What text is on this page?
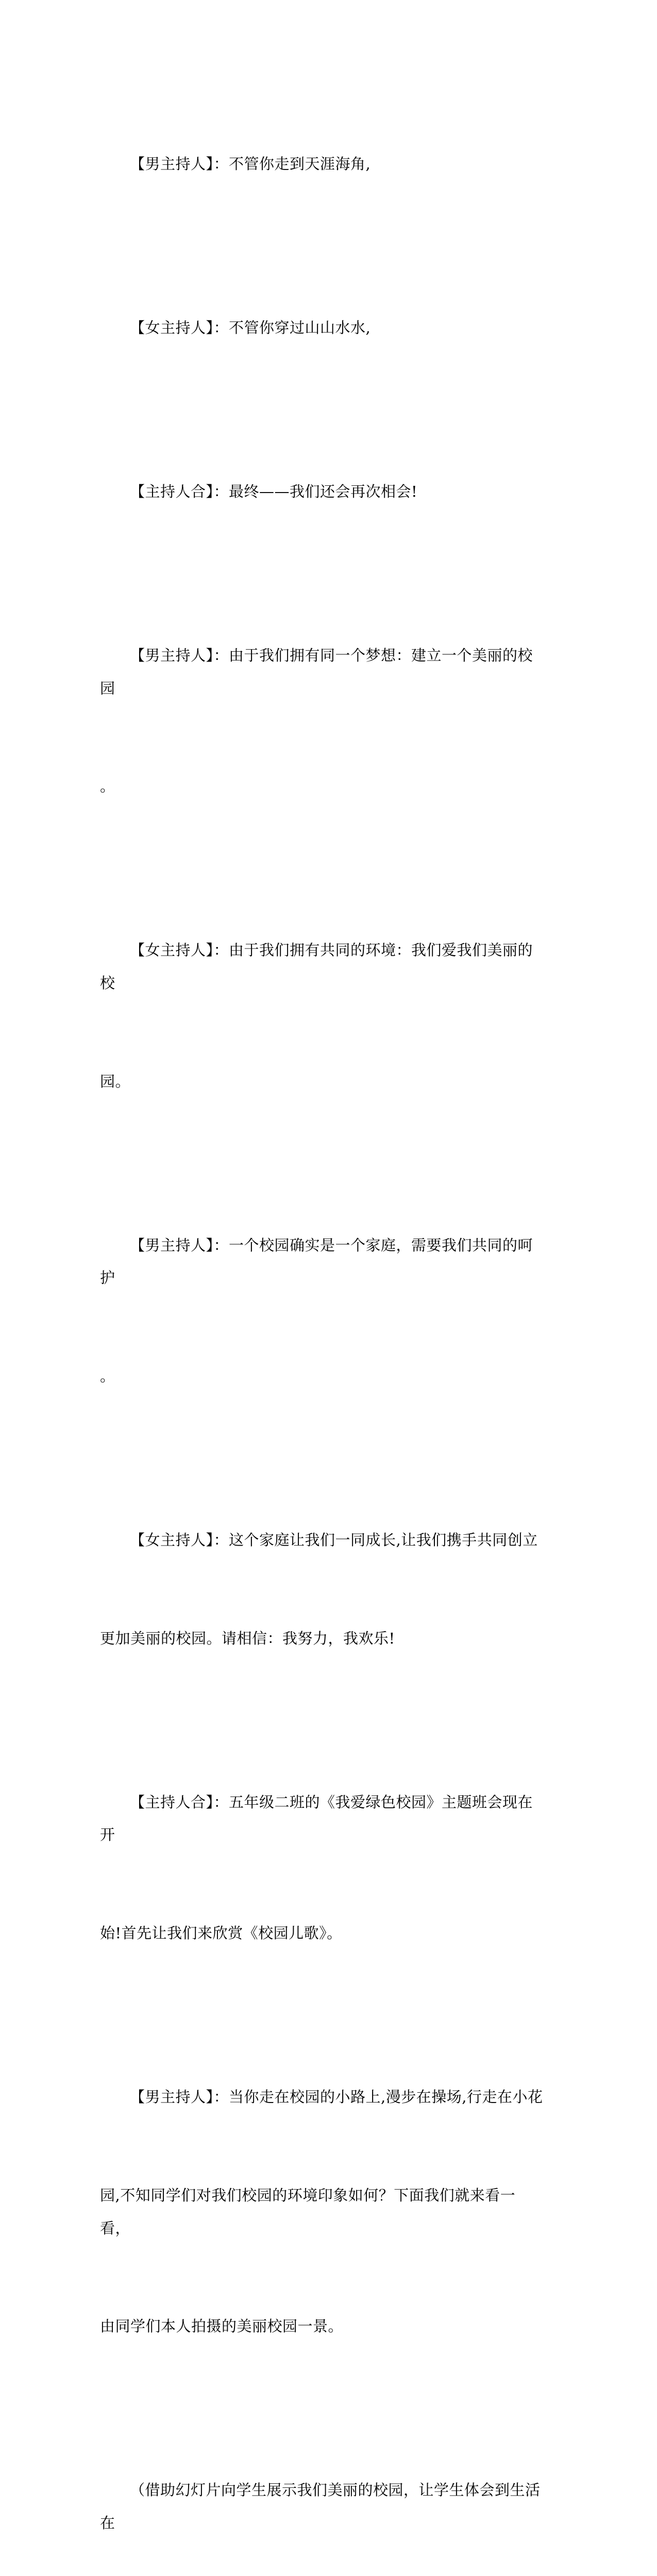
【男主持人】：不管你走到天涯海角,

【女主持人】：不管你穿过山山水水,

【主持人合】：最终——我们还会再次相会!

【男主持人】：由于我们拥有同一个梦想：建立一个美丽的校园

。

【女主持人】：由于我们拥有共同的环境：我们爱我们美丽的校

园。

【男主持人】：一个校园确实是一个家庭，需要我们共同的呵护

。

【女主持人】：这个家庭让我们一同成长,让我们携手共同创立

更加美丽的校园。请相信：我努力，我欢乐!

【主持人合】：五年级二班的《我爱绿色校园》主题班会现在开

始!首先让我们来欣赏《校园儿歌》。

【男主持人】：当你走在校园的小路上,漫步在操场,行走在小花

园,不知同学们对我们校园的环境印象如何？下面我们就来看一看，

由同学们本人拍摄的美丽校园一景。

（借助幻灯片向学生展示我们美丽的校园，让学生体会到生活在
